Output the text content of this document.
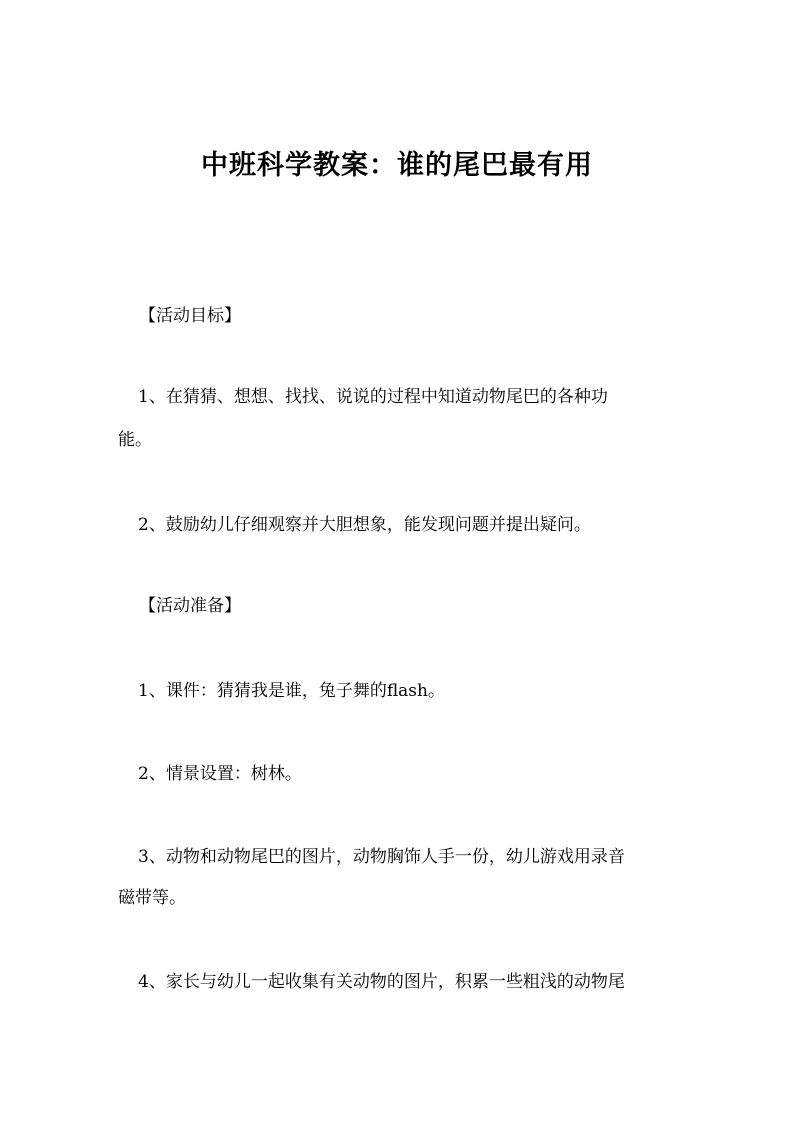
中班科学教案：谁的尾巴最有用
【活动目标】
1、在猜猜、想想、找找、说说的过程中知道动物尾巴的各种功
能。
2、鼓励幼儿仔细观察并大胆想象，能发现问题并提出疑问。
【活动准备】
1、课件：猜猜我是谁，兔子舞的flash。
2、情景设置：树林。
3、动物和动物尾巴的图片，动物胸饰人手一份，幼儿游戏用录音
磁带等。
4、家长与幼儿一起收集有关动物的图片，积累一些粗浅的动物尾
